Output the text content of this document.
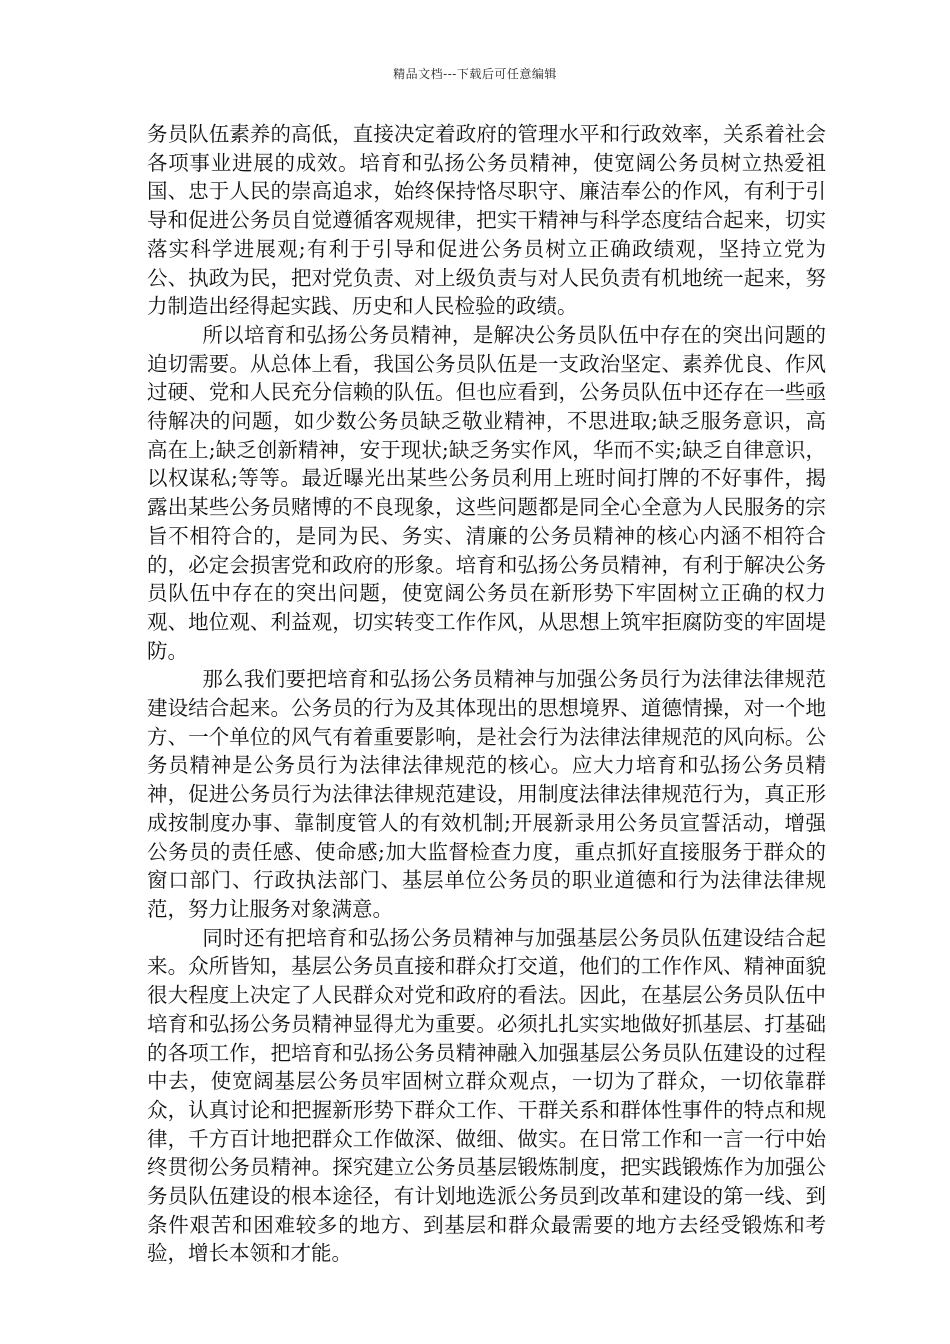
精品文档---下载后可任意编辑

务员队伍素养的高低，直接决定着政府的管理水平和行政效率，关系着社会各项事业进展的成效。培育和弘扬公务员精神，使宽阔公务员树立热爱祖国、忠于人民的崇高追求，始终保持恪尽职守、廉洁奉公的作风，有利于引导和促进公务员自觉遵循客观规律，把实干精神与科学态度结合起来，切实落实科学进展观;有利于引导和促进公务员树立正确政绩观，坚持立党为公、执政为民，把对党负责、对上级负责与对人民负责有机地统一起来，努力制造出经得起实践、历史和人民检验的政绩。

所以培育和弘扬公务员精神，是解决公务员队伍中存在的突出问题的迫切需要。从总体上看，我国公务员队伍是一支政治坚定、素养优良、作风过硬、党和人民充分信赖的队伍。但也应看到，公务员队伍中还存在一些亟待解决的问题，如少数公务员缺乏敬业精神，不思进取;缺乏服务意识，高高在上;缺乏创新精神，安于现状;缺乏务实作风，华而不实;缺乏自律意识，以权谋私;等等。最近曝光出某些公务员利用上班时间打牌的不好事件，揭露出某些公务员赌博的不良现象，这些问题都是同全心全意为人民服务的宗旨不相符合的，是同为民、务实、清廉的公务员精神的核心内涵不相符合的，必定会损害党和政府的形象。培育和弘扬公务员精神，有利于解决公务员队伍中存在的突出问题，使宽阔公务员在新形势下牢固树立正确的权力观、地位观、利益观，切实转变工作作风，从思想上筑牢拒腐防变的牢固堤防。

那么我们要把培育和弘扬公务员精神与加强公务员行为法律法律规范建设结合起来。公务员的行为及其体现出的思想境界、道德情操，对一个地方、一个单位的风气有着重要影响，是社会行为法律法律规范的风向标。公务员精神是公务员行为法律法律规范的核心。应大力培育和弘扬公务员精神，促进公务员行为法律法律规范建设，用制度法律法律规范行为，真正形成按制度办事、靠制度管人的有效机制;开展新录用公务员宣誓活动，增强公务员的责任感、使命感;加大监督检查力度，重点抓好直接服务于群众的窗口部门、行政执法部门、基层单位公务员的职业道德和行为法律法律规范，努力让服务对象满意。

同时还有把培育和弘扬公务员精神与加强基层公务员队伍建设结合起来。众所皆知，基层公务员直接和群众打交道，他们的工作作风、精神面貌很大程度上决定了人民群众对党和政府的看法。因此，在基层公务员队伍中培育和弘扬公务员精神显得尤为重要。必须扎扎实实地做好抓基层、打基础的各项工作，把培育和弘扬公务员精神融入加强基层公务员队伍建设的过程中去，使宽阔基层公务员牢固树立群众观点，一切为了群众，一切依靠群众，认真讨论和把握新形势下群众工作、干群关系和群体性事件的特点和规律，千方百计地把群众工作做深、做细、做实。在日常工作和一言一行中始终贯彻公务员精神。探究建立公务员基层锻炼制度，把实践锻炼作为加强公务员队伍建设的根本途径，有计划地选派公务员到改革和建设的第一线、到条件艰苦和困难较多的地方、到基层和群众最需要的地方去经受锻炼和考验，增长本领和才能。
